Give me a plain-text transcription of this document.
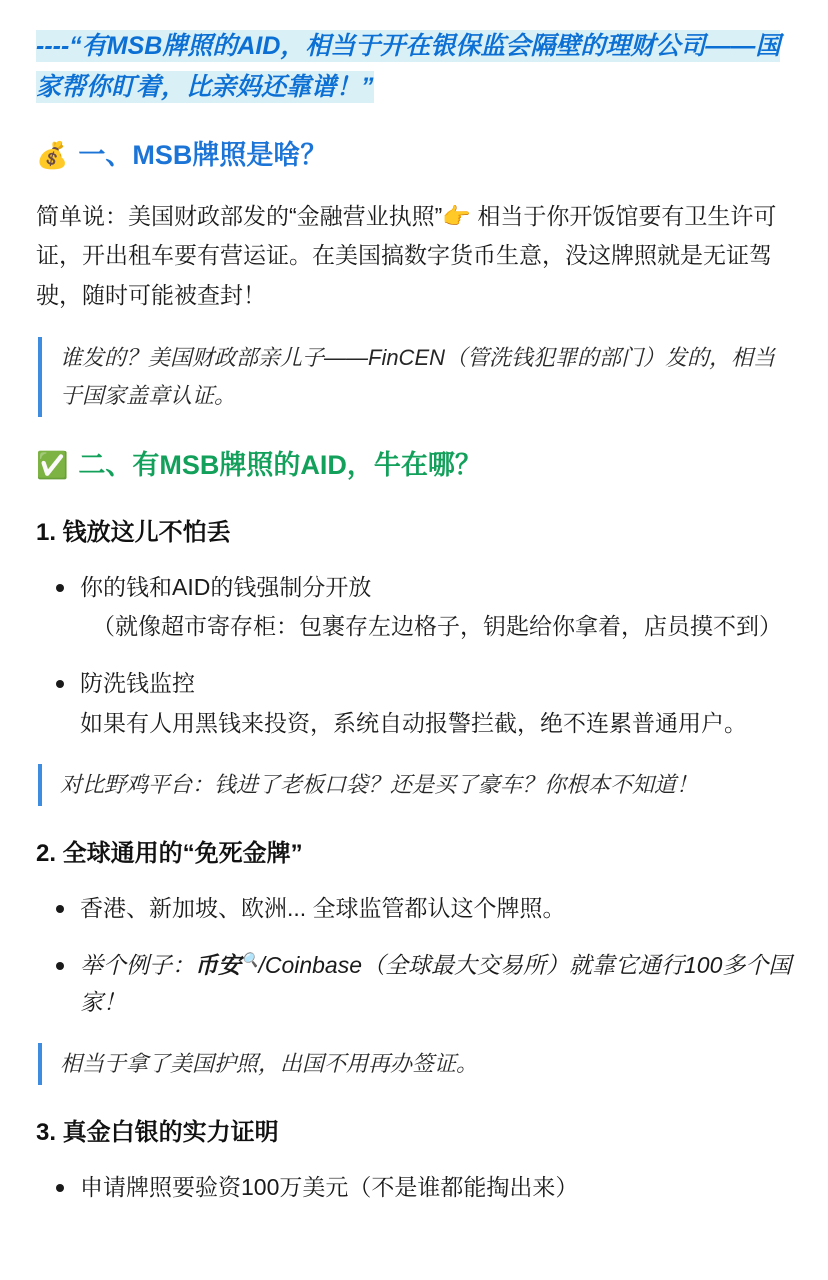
----“有MSB牌照的AID，相当于开在银保监会隔壁的理财公司——国家帮你盯着，比亲妈还靠谱！”

💰 一、MSB牌照是啥？

简单说：美国财政部发的“金融营业执照”👉 相当于你开饭馆要有卫生许可证，开出租车要有营运证。在美国搞数字货币生意，没这牌照就是无证驾驶，随时可能被查封！

谁发的？美国财政部亲儿子——FinCEN（管洗钱犯罪的部门）发的，相当于国家盖章认证。
✅ 二、有MSB牌照的AID，牛在哪？
1. 钱放这儿不怕丢
你的钱和AID的钱强制分开放
（就像超市寄存柜：包裹存左边格子，钥匙给你拿着，店员摸不到）
防洗钱监控
如果有人用黑钱来投资，系统自动报警拦截，绝不连累普通用户。
对比野鸡平台：钱进了老板口袋？还是买了豪车？你根本不知道！
2. 全球通用的“免死金牌”
香港、新加坡、欧洲... 全球监管都认这个牌照。
举个例子：币安🔍/Coinbase（全球最大交易所）就靠它通行100多个国家！
相当于拿了美国护照，出国不用再办签证。
3. 真金白银的实力证明
申请牌照要验资100万美元（不是谁都能掏出来）
